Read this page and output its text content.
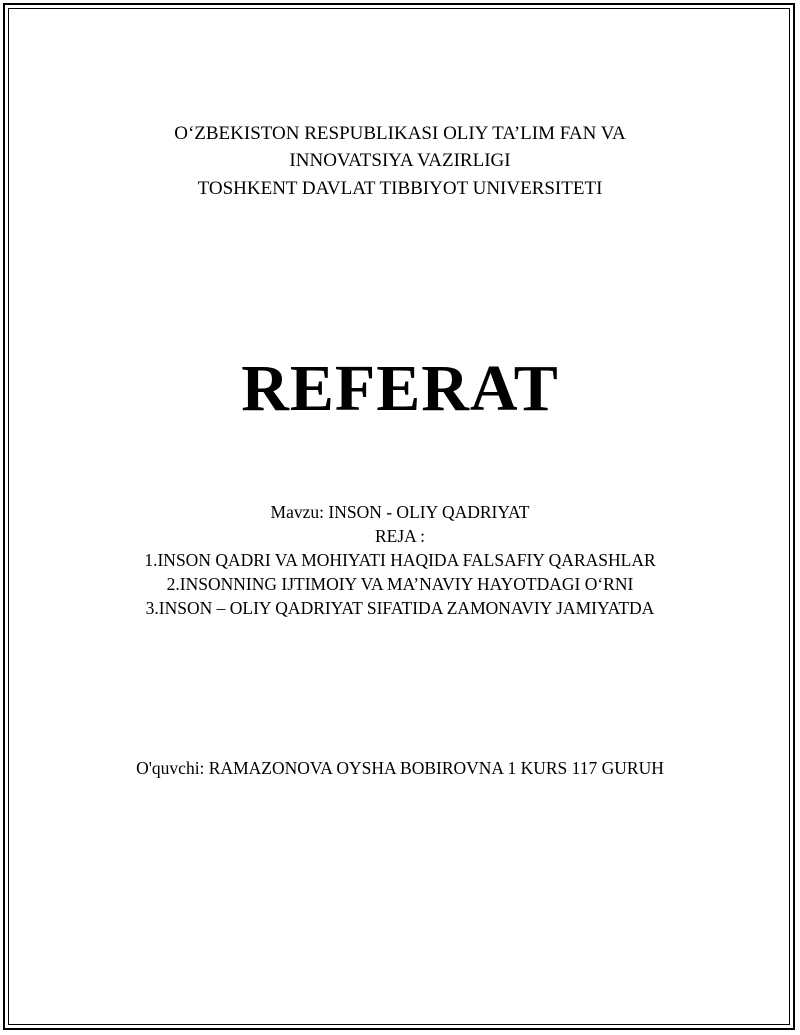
O‘ZBEKISTON RESPUBLIKASI OLIY TA’LIM FAN VA
INNOVATSIYA VAZIRLIGI
TOSHKENT DAVLAT TIBBIYOT UNIVERSITETI
REFERAT
Mavzu: INSON - OLIY QADRIYAT
REJA :
1.INSON QADRI VA MOHIYATI HAQIDA FALSAFIY QARASHLAR
2.INSONNING IJTIMOIY VA MA’NAVIY HAYOTDAGI O‘RNI
3.INSON – OLIY QADRIYAT SIFATIDA ZAMONAVIY JAMIYATDA
O'quvchi: RAMAZONOVA OYSHA BOBIROVNA 1 KURS 117 GURUH
